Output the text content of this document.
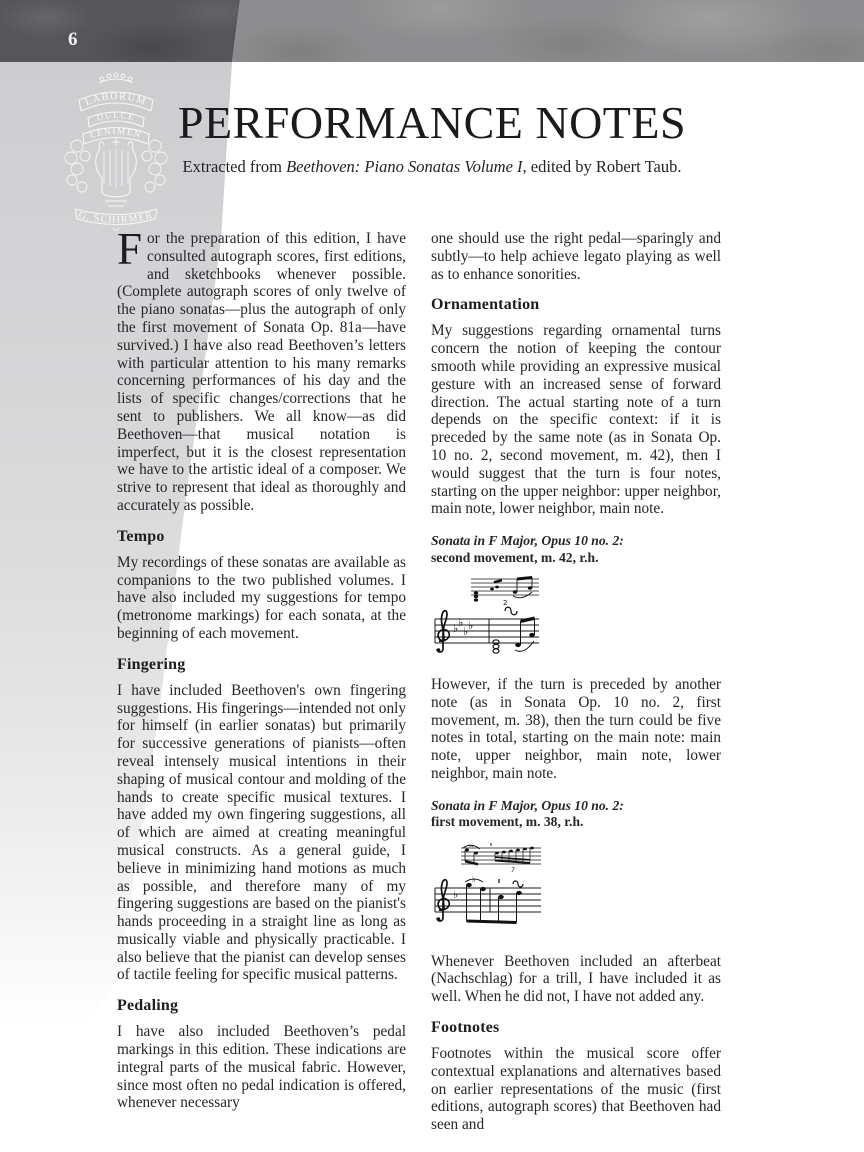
6
LABORUM
DULCE
LENIMEN
G. SCHIRMER
PERFORMANCE NOTES
Extracted from Beethoven: Piano Sonatas Volume I, edited by Robert Taub.

For the preparation of this edition, I have consulted autograph scores, first editions, and sketchbooks whenever possible. (Complete autograph scores of only twelve of the piano sonatas—plus the autograph of only the first movement of Sonata Op. 81a—have survived.) I have also read Beethoven’s letters with particular attention to his many remarks concerning performances of his day and the lists of specific changes/corrections that he sent to publishers. We all know—as did Beethoven—that musical notation is imperfect, but it is the closest representation we have to the artistic ideal of a composer. We strive to represent that ideal as thoroughly and accurately as possible.

Tempo

My recordings of these sonatas are available as companions to the two published volumes. I have also included my suggestions for tempo (metronome markings) for each sonata, at the beginning of each movement.

Fingering

I have included Beethoven's own fingering suggestions. His fingerings—intended not only for himself (in earlier sonatas) but primarily for successive generations of pianists—often reveal intensely musical intentions in their shaping of musical contour and molding of the hands to create specific musical textures. I have added my own fingering suggestions, all of which are aimed at creating meaningful musical constructs. As a general guide, I believe in minimizing hand motions as much as possible, and therefore many of my fingering suggestions are based on the pianist's hands proceeding in a straight line as long as musically viable and physically practicable. I also believe that the pianist can develop senses of tactile feeling for specific musical patterns.

Pedaling

I have also included Beethoven’s pedal markings in this edition. These indications are integral parts of the musical fabric. However, since most often no pedal indication is offered, whenever necessary

one should use the right pedal—sparingly and subtly—to help achieve legato playing as well as to enhance sonorities.

Ornamentation

My suggestions regarding ornamental turns concern the notion of keeping the contour smooth while providing an expressive musical gesture with an increased sense of forward direction. The actual starting note of a turn depends on the specific context: if it is preceded by the same note (as in Sonata Op. 10 no. 2, second movement, m. 42), then I would suggest that the turn is four notes, starting on the upper neighbor: upper neighbor, main note, lower neighbor, main note.

Sonata in F Major, Opus 10 no. 2:
second movement, m. 42, r.h.
2
♭ ♭
♭ ♭

However, if the turn is preceded by another note (as in Sonata Op. 10 no. 2, first movement, m. 38), then the turn could be five notes in total, starting on the main note: main note, upper neighbor, main note, lower neighbor, main note.

Sonata in F Major, Opus 10 no. 2:
first movement, m. 38, r.h.
∾
7
♭
♭

Whenever Beethoven included an afterbeat (Nachschlag) for a trill, I have included it as well. When he did not, I have not added any.

Footnotes

Footnotes within the musical score offer contextual explanations and alternatives based on earlier representations of the music (first editions, autograph scores) that Beethoven had seen and
